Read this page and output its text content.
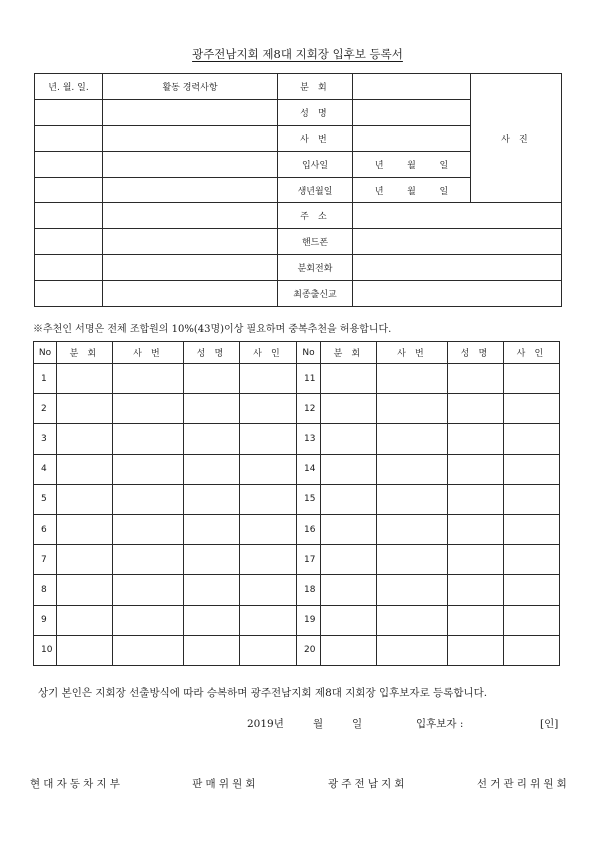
광주전남지회 제8대 지회장 입후보 등록서
년. 월. 일.	활동 경력사항	분 회		사 진
		성 명		
		사 번		
		입사일	년 월 일	

		생년월일	년 월 일	

		주 소		
		핸드폰		
		분회전화		
		최종출신교		
※추천인 서명은 전체 조합원의 10%(43명)이상 필요하며 중복추천을 허용합니다.
No	분 회	사 번	성 명	사 인	No	분 회	사 번	성 명	사 인
1					11				
2					12				
3					13				
4					14				
5					15				
6					16				
7					17				
8					18				
9					19				
10					20				
상기 본인은 지회장 선출방식에 따라 승복하며 광주전남지회 제8대 지회장 입후보자로 등록합니다.
2019년	월	일	입후보자 :	[인]
현대자동차지부	판매위원회	광주전남지회	선거관리위원회
